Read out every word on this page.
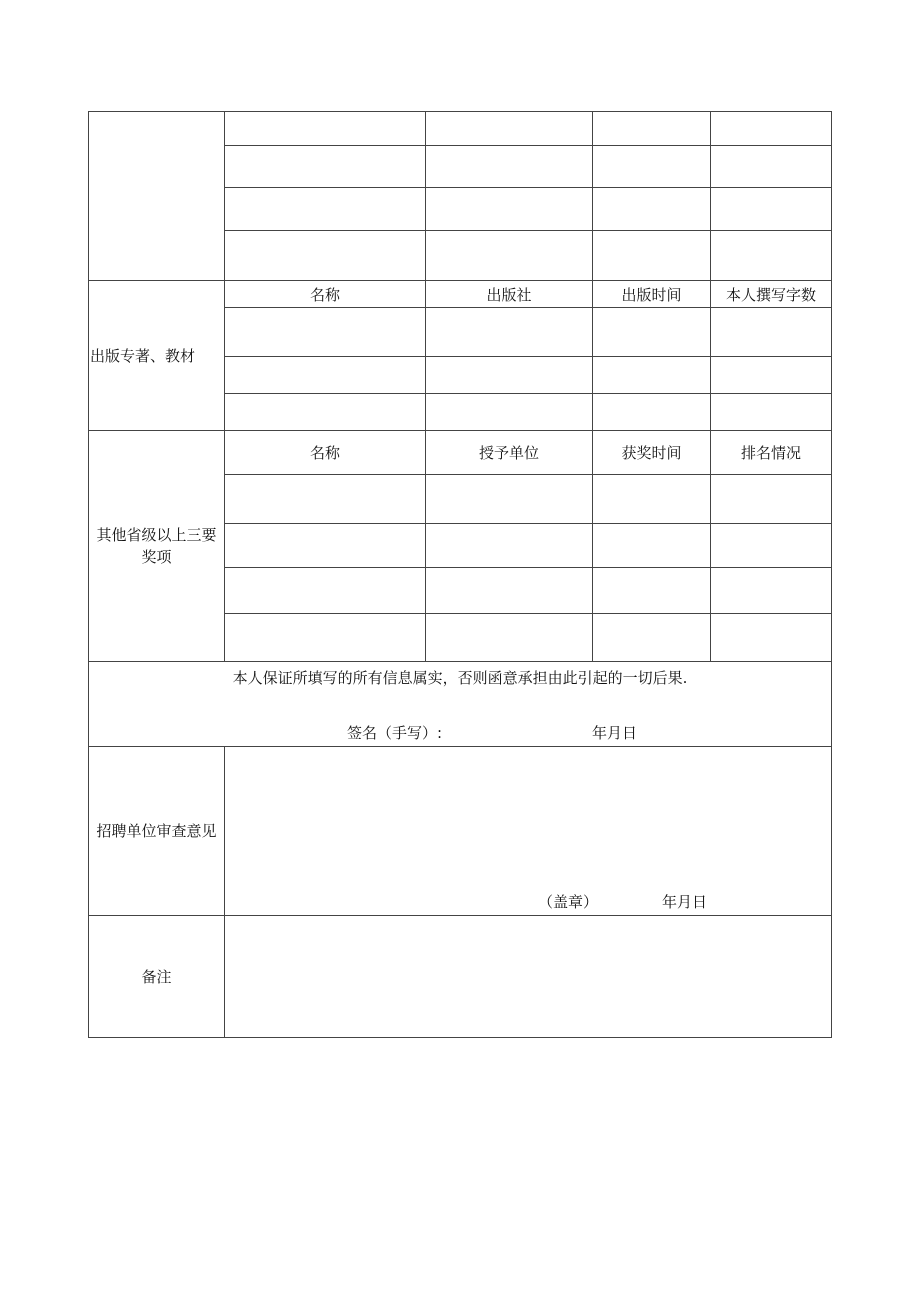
出版专著、教材	名称	出版社	出版时间	本人撰写字数

其他省级以上三要奖项	名称	授予单位	获奖时间	排名情况

本人保证所填写的所有信息属实，否则函意承担由此引起的一切后果.
签名（手写）: 年月日				

招聘单位审查意见	（盖章） 年月日			

备注				
